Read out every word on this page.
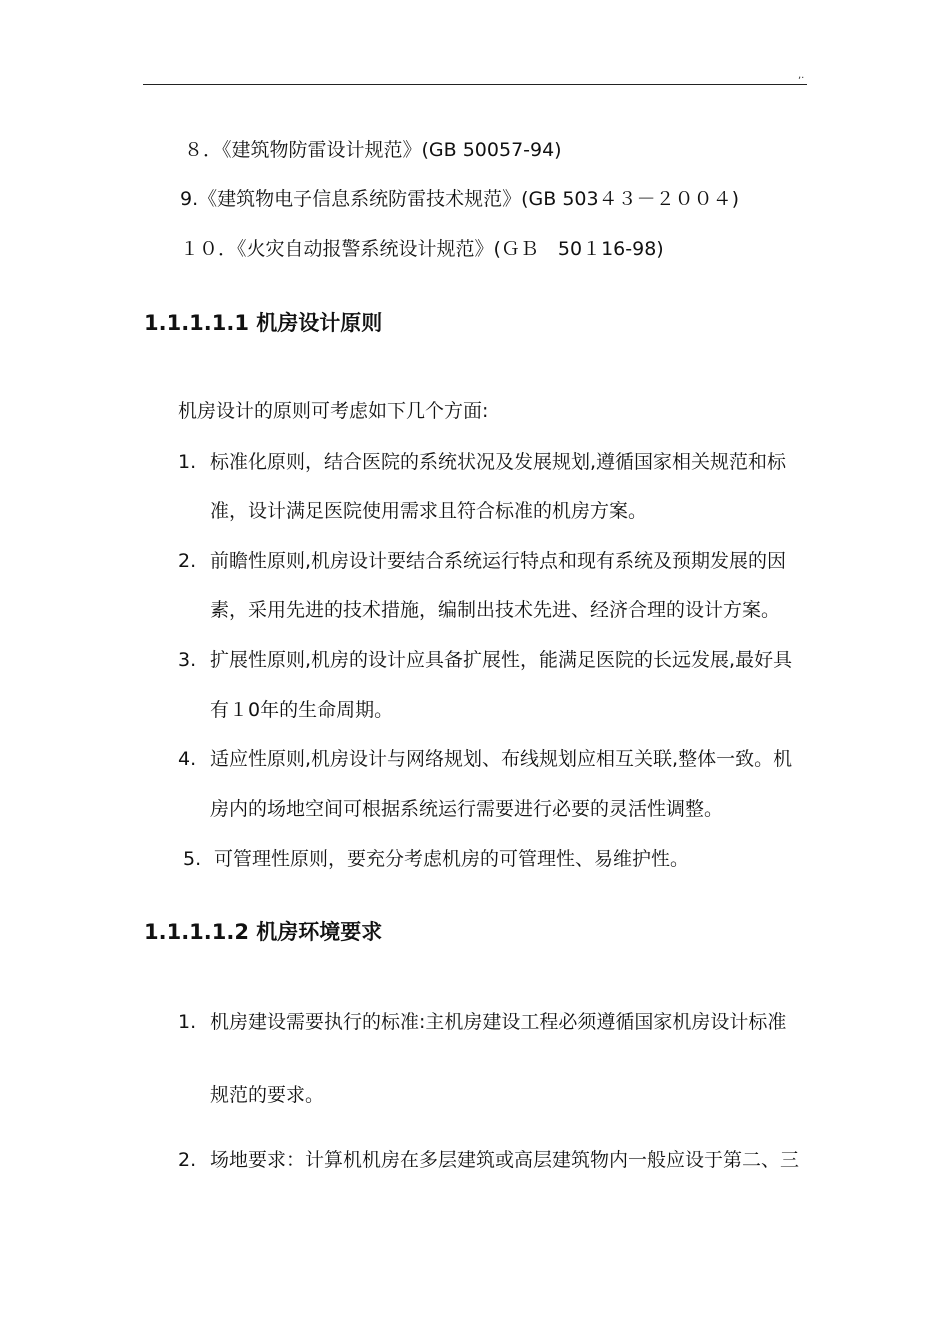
,.
８．《建筑物防雷设计规范》(GB 50057-94)
9.《建筑物电子信息系统防雷技术规范》(GB 503４３－２００４)
１０．《火灾自动报警系统设计规范》(ＧＢ　50１16-98)
1.1.1.1.1 机房设计原则
机房设计的原则可考虑如下几个方面:
1. 标准化原则，结合医院的系统状况及发展规划,遵循国家相关规范和标
准，设计满足医院使用需求且符合标准的机房方案。
2. 前瞻性原则,机房设计要结合系统运行特点和现有系统及预期发展的因
素，采用先进的技术措施，编制出技术先进、经济合理的设计方案。
3. 扩展性原则,机房的设计应具备扩展性，能满足医院的长远发展,最好具
有１0年的生命周期。
4. 适应性原则,机房设计与网络规划、布线规划应相互关联,整体一致。机
房内的场地空间可根据系统运行需要进行必要的灵活性调整。
5. 可管理性原则，要充分考虑机房的可管理性、易维护性。
1.1.1.1.2 机房环境要求
1. 机房建设需要执行的标准:主机房建设工程必须遵循国家机房设计标准
规范的要求。
2. 场地要求：计算机机房在多层建筑或高层建筑物内一般应设于第二、三
